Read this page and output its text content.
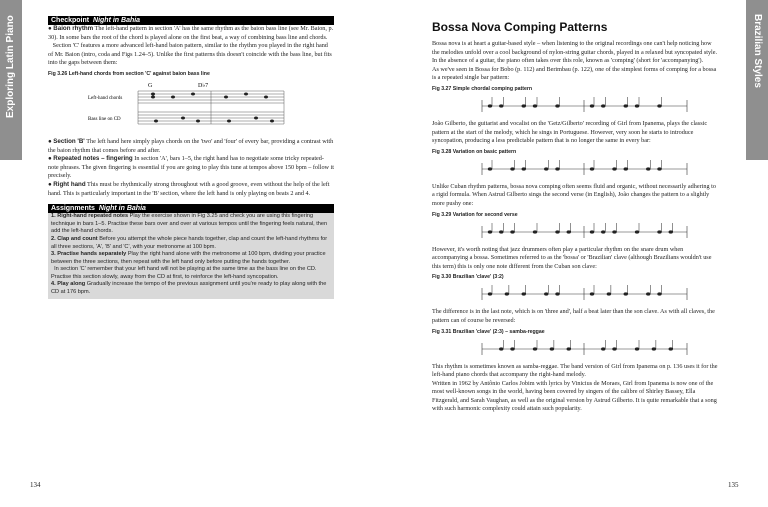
Exploring Latin Piano	Brazilian Styles
Checkpoint Night in Bahia

● Baion rhythm The left-hand pattern in section 'A' has the same rhythm as the baion bass line (see Mr. Baion, p. 30). In some bars the root of the chord is played alone on the first beat, a way of combining bass line and chords.

Section 'C' features a more advanced left-hand baion pattern, similar to the rhythm you played in the right hand of Mr. Baion (intro, coda and Figs 1.24–5). Unlike the first patterns this doesn't coincide with the bass line, but fits into the gaps between them:

Fig 3.26 Left-hand chords from section 'C' against baion bass line
G	D♭7
Left-hand chords
Bass line on CD

● Section 'B' The left hand here simply plays chords on the 'two' and 'four' of every bar, providing a contrast with the baion rhythm that comes before and after.

● Repeated notes – fingering In section 'A', bars 1–5, the right hand has to negotiate some tricky repeated-note phrases. The given fingering is essential if you are going to play this tune at tempos above 150 bpm – follow it precisely.

● Right hand This must be rhythmically strong throughout with a good groove, even without the help of the left hand. This is particularly important in the 'B' section, where the left hand is only playing on beats 2 and 4.

Assignments Night in Bahia
1. Right-hand repeated notes Play the exercise shown in Fig 3.25 and check you are using this fingering technique in bars 1–5. Practise these bars over and over at various tempos until the fingering feels natural, then add the left-hand chords.
2. Clap and count Before you attempt the whole piece hands together, clap and count the left-hand rhythms for all three sections, 'A', 'B' and 'C', with your metronome at 100 bpm.
3. Practise hands separately Play the right hand alone with the metronome at 100 bpm, dividing your practice between the three sections, then repeat with the left hand only before putting the hands together.
In section 'C' remember that your left hand will not be playing at the same time as the bass line on the CD. Practise this section slowly, away from the CD at first, to reinforce the left-hand syncopation.
4. Play along Gradually increase the tempo of the previous assignment until you're ready to play along with the CD at 176 bpm.
134
Bossa Nova Comping Patterns

Bossa nova is at heart a guitar-based style – when listening to the original recordings one can't help noticing how the melodies unfold over a cool background of nylon-string guitar chords, played in a relaxed but syncopated style. In the absence of a guitar, the piano often takes over this role, known as 'comping' (short for 'accompanying').

As we've seen in Bossa for Bobo (p. 112) and Berimbau (p. 122), one of the simplest forms of comping for a bossa is a repeated single bar pattern:

Fig 3.27 Simple chordal comping pattern

João Gilberto, the guitarist and vocalist on the 'Getz/Gilberto' recording of Girl from Ipanema, plays the classic pattern at the start of the melody, which he sings in Portuguese. However, very soon he starts to introduce syncopation, producing a less predictable pattern that is no longer the same in every bar:

Fig 3.28 Variation on basic pattern

Unlike Cuban rhythm patterns, bossa nova comping often seems fluid and organic, without necessarily adhering to a rigid formula. When Astrud Gilberto sings the second verse (in English), João changes the pattern to a slightly more pushy one:

Fig 3.29 Variation for second verse

However, it's worth noting that jazz drummers often play a particular rhythm on the snare drum when accompanying a bossa. Sometimes referred to as the 'bossa' or 'Brazilian' clave (although Brazilians wouldn't use this term) this is only one note different from the Cuban son clave:

Fig 3.30 Brazilian 'clave' (3:2)

The difference is in the last note, which is on 'three and', half a beat later than the son clave. As with all claves, the pattern can of course be reversed:

Fig 3.31 Brazilian 'clave' (2:3) – samba-reggae

This rhythm is sometimes known as samba-reggae. The band version of Girl from Ipanema on p. 136 uses it for the left-hand piano chords that accompany the right-hand melody.

Written in 1962 by Antônio Carlos Jobim with lyrics by Vinicius de Moraes, Girl from Ipanema is now one of the most well-known songs in the world, having been covered by singers of the calibre of Shirley Bassey, Ella Fitzgerald, and Sarah Vaughan, as well as the original version by Astrud Gilberto. It is quite remarkable that a song with such harmonic complexity could attain such popularity.

135
